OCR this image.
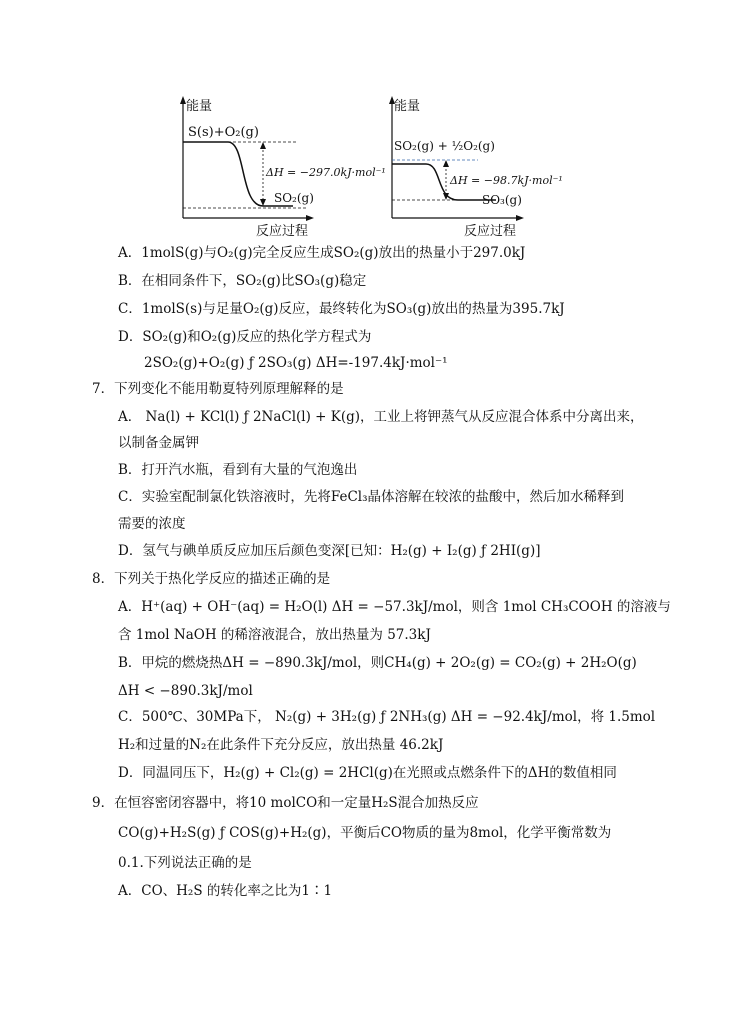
能量
S(s)+O₂(g)
ΔH = −297.0kJ·mol⁻¹
SO₂(g)
反应过程
能量
SO₂(g) + ½O₂(g)
ΔH = −98.7kJ·mol⁻¹
SO₃(g)
反应过程
A．1molS(g)与O₂(g)完全反应生成SO₂(g)放出的热量小于297.0kJ
B．在相同条件下，SO₂(g)比SO₃(g)稳定
C．1molS(s)与足量O₂(g)反应，最终转化为SO₃(g)放出的热量为395.7kJ
D．SO₂(g)和O₂(g)反应的热化学方程式为
2SO₂(g)+O₂(g) ƒ 2SO₃(g) ΔH=-197.4kJ·mol⁻¹
7．下列变化不能用勒夏特列原理解释的是
A． Na(l) + KCl(l) ƒ 2NaCl(l) + K(g)，工业上将钾蒸气从反应混合体系中分离出来，
以制备金属钾
B．打开汽水瓶，看到有大量的气泡逸出
C．实验室配制氯化铁溶液时，先将FeCl₃晶体溶解在较浓的盐酸中，然后加水稀释到
需要的浓度
D．氢气与碘单质反应加压后颜色变深[已知：H₂(g) + I₂(g) ƒ 2HI(g)]
8．下列关于热化学反应的描述正确的是
A．H⁺(aq) + OH⁻(aq) = H₂O(l) ΔH = −57.3kJ/mol，则含 1mol CH₃COOH 的溶液与
含 1mol NaOH 的稀溶液混合，放出热量为 57.3kJ
B．甲烷的燃烧热ΔH = −890.3kJ/mol，则CH₄(g) + 2O₂(g) = CO₂(g) + 2H₂O(g)
ΔH < −890.3kJ/mol
C．500℃、30MPa下， N₂(g) + 3H₂(g) ƒ 2NH₃(g) ΔH = −92.4kJ/mol，将 1.5mol
H₂和过量的N₂在此条件下充分反应，放出热量 46.2kJ
D．同温同压下，H₂(g) + Cl₂(g) = 2HCl(g)在光照或点燃条件下的ΔH的数值相同
9．在恒容密闭容器中，将10 molCO和一定量H₂S混合加热反应
CO(g)+H₂S(g) ƒ COS(g)+H₂(g)，平衡后CO物质的量为8mol，化学平衡常数为
0.1.下列说法正确的是
A．CO、H₂S 的转化率之比为1∶1
